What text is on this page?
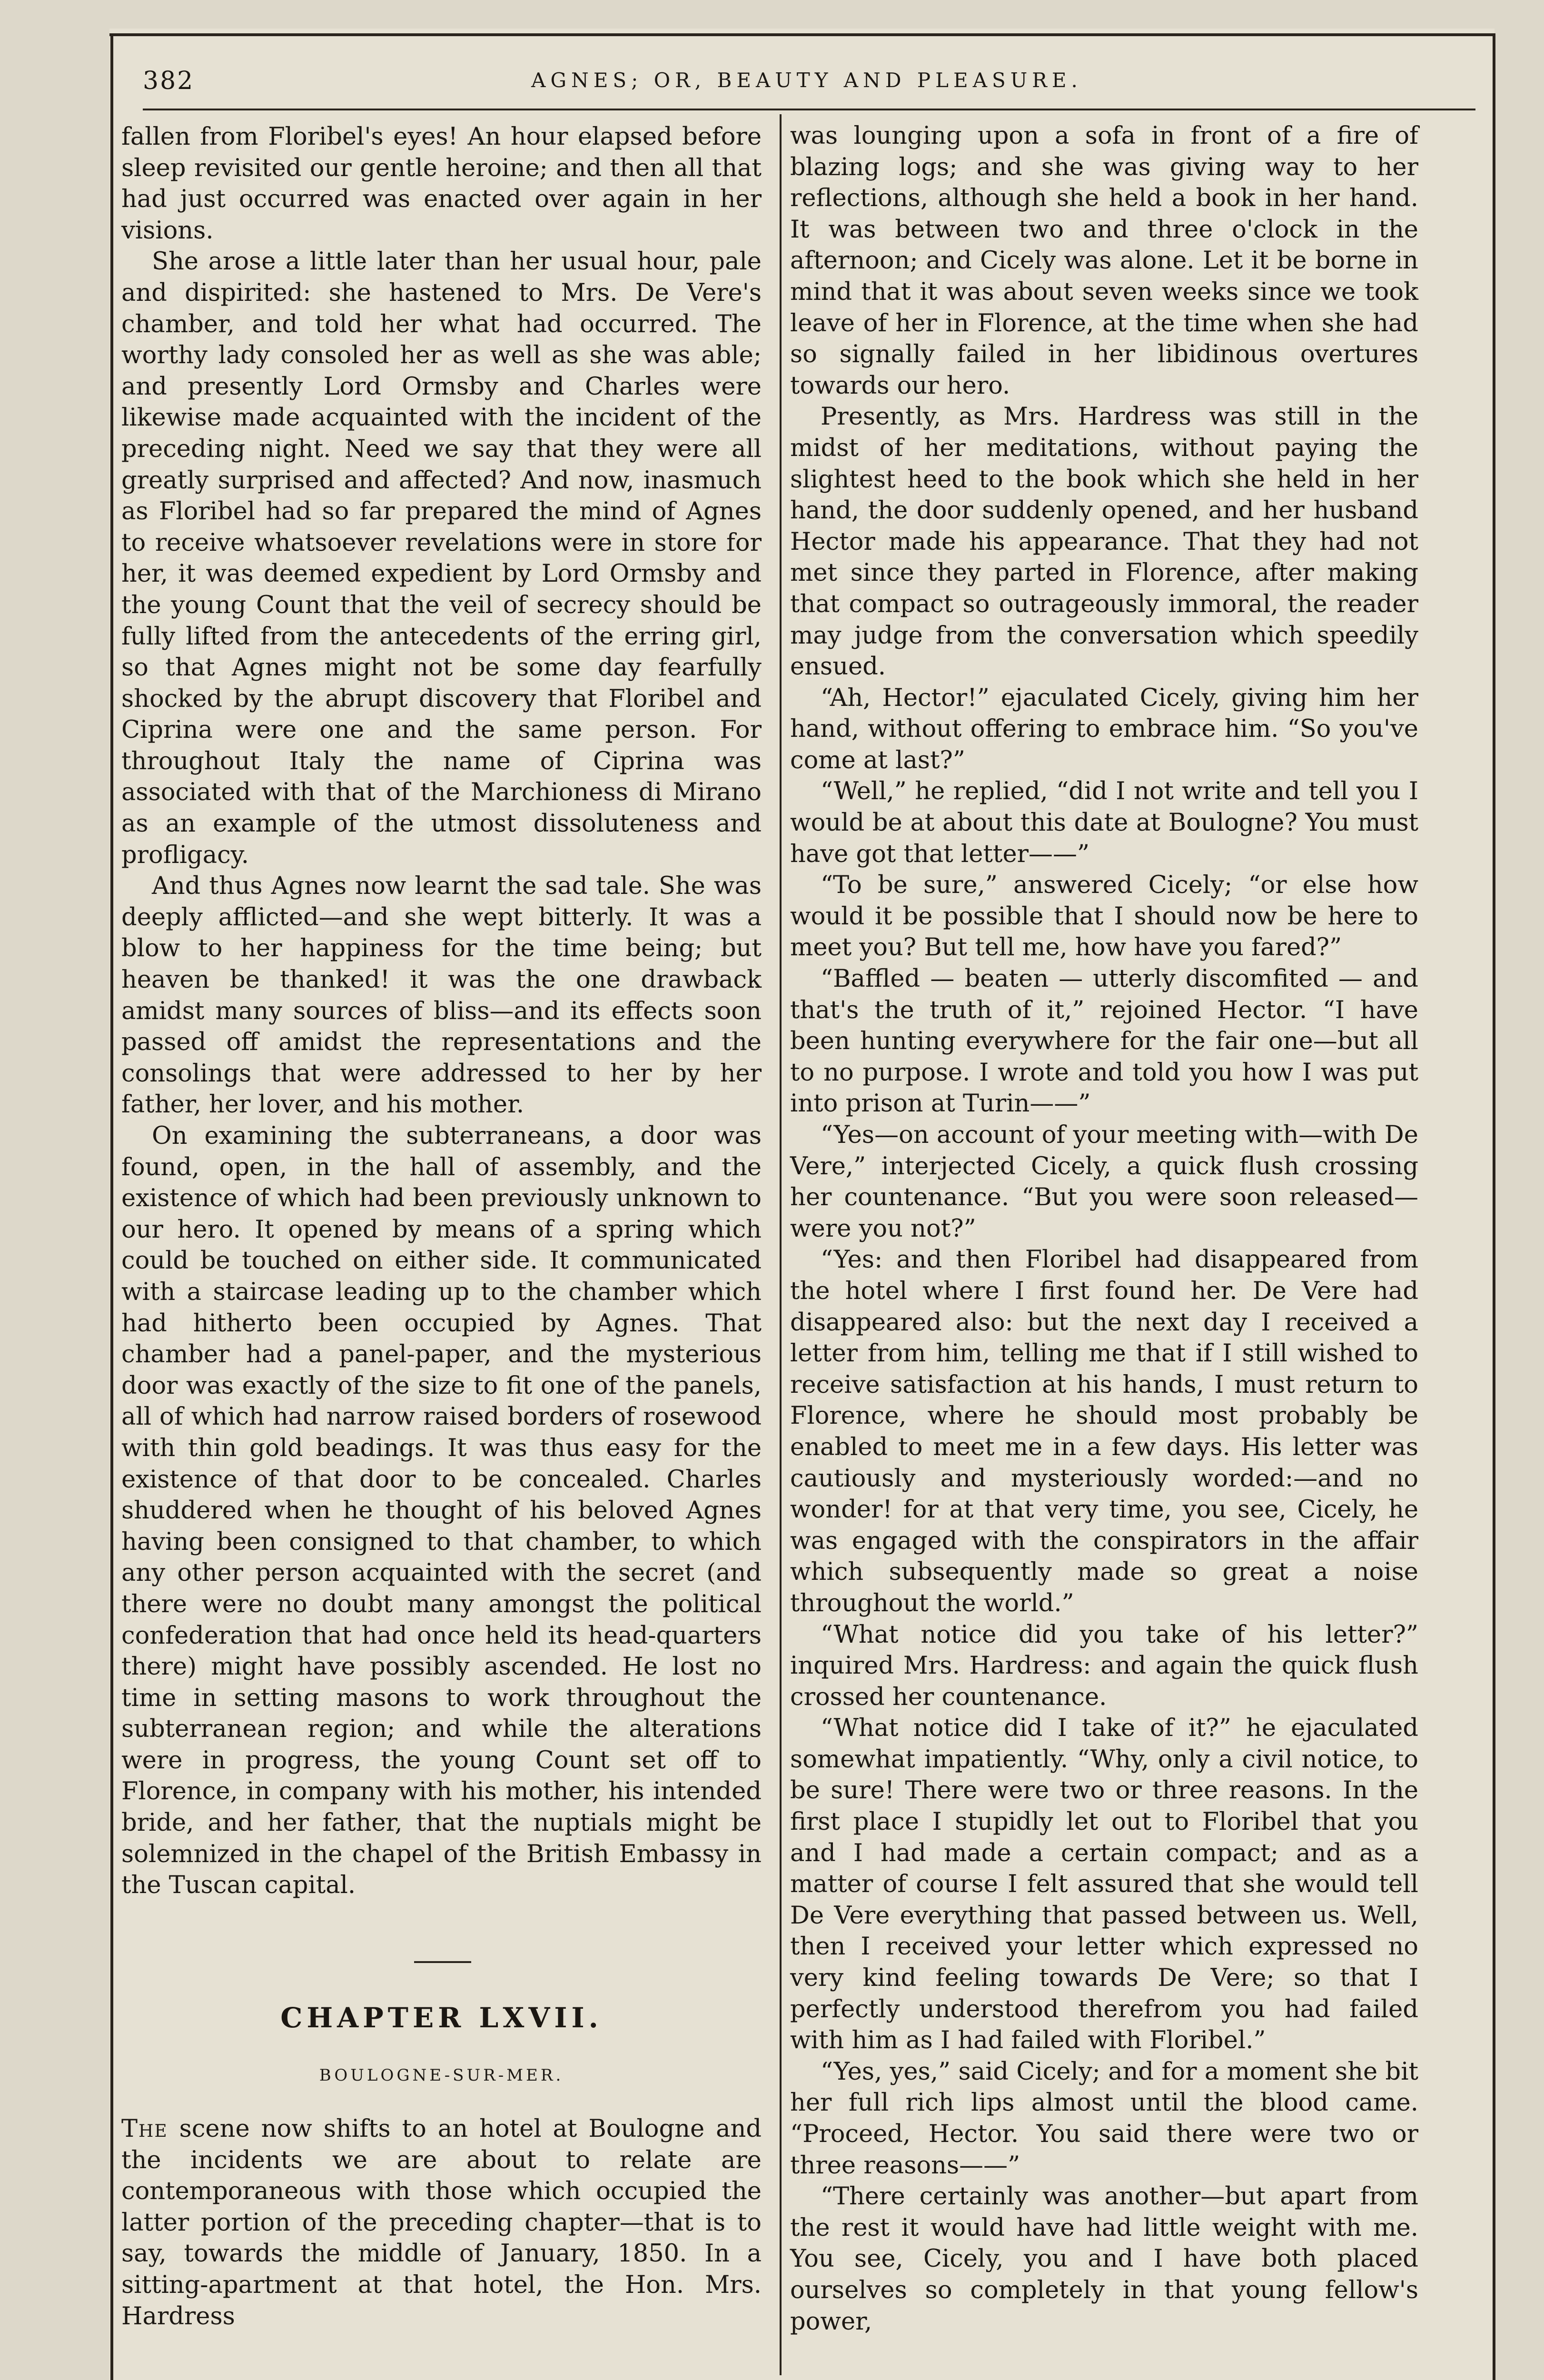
382	AGNES; OR, BEAUTY AND PLEASURE.

fallen from Floribel's eyes! An hour elapsed before sleep revisited our gentle heroine; and then all that had just occurred was enacted over again in her visions.

She arose a little later than her usual hour, pale and dispirited: she hastened to Mrs. De Vere's chamber, and told her what had occurred. The worthy lady consoled her as well as she was able; and presently Lord Ormsby and Charles were likewise made acquainted with the incident of the preceding night. Need we say that they were all greatly surprised and affected? And now, inasmuch as Floribel had so far prepared the mind of Agnes to receive whatsoever revelations were in store for her, it was deemed expedient by Lord Ormsby and the young Count that the veil of secrecy should be fully lifted from the antecedents of the erring girl, so that Agnes might not be some day fearfully shocked by the abrupt discovery that Floribel and Ciprina were one and the same person. For throughout Italy the name of Ciprina was associated with that of the Marchioness di Mirano as an example of the utmost dissoluteness and profligacy.

And thus Agnes now learnt the sad tale. She was deeply afflicted—and she wept bitterly. It was a blow to her happiness for the time being; but heaven be thanked! it was the one drawback amidst many sources of bliss—and its effects soon passed off amidst the representations and the consolings that were addressed to her by her father, her lover, and his mother.

On examining the subterraneans, a door was found, open, in the hall of assembly, and the existence of which had been previously unknown to our hero. It opened by means of a spring which could be touched on either side. It communicated with a staircase leading up to the chamber which had hitherto been occupied by Agnes. That chamber had a panel-paper, and the mysterious door was exactly of the size to fit one of the panels, all of which had narrow raised borders of rosewood with thin gold beadings. It was thus easy for the existence of that door to be concealed. Charles shuddered when he thought of his beloved Agnes having been consigned to that chamber, to which any other person acquainted with the secret (and there were no doubt many amongst the political confederation that had once held its head-quarters there) might have possibly ascended. He lost no time in setting masons to work throughout the subterranean region; and while the alterations were in progress, the young Count set off to Florence, in company with his mother, his intended bride, and her father, that the nuptials might be solemnized in the chapel of the British Embassy in the Tuscan capital.

CHAPTER LXVII.
BOULOGNE-SUR-MER.

The scene now shifts to an hotel at Boulogne and the incidents we are about to relate are contemporaneous with those which occupied the latter portion of the preceding chapter—that is to say, towards the middle of January, 1850. In a sitting-apartment at that hotel, the Hon. Mrs. Hardress

was lounging upon a sofa in front of a fire of blazing logs; and she was giving way to her reflections, although she held a book in her hand. It was between two and three o'clock in the afternoon; and Cicely was alone. Let it be borne in mind that it was about seven weeks since we took leave of her in Florence, at the time when she had so signally failed in her libidinous overtures towards our hero.

Presently, as Mrs. Hardress was still in the midst of her meditations, without paying the slightest heed to the book which she held in her hand, the door suddenly opened, and her husband Hector made his appearance. That they had not met since they parted in Florence, after making that compact so outrageously immoral, the reader may judge from the conversation which speedily ensued.

“Ah, Hector!” ejaculated Cicely, giving him her hand, without offering to embrace him. “So you've come at last?”

“Well,” he replied, “did I not write and tell you I would be at about this date at Boulogne? You must have got that letter——”

“To be sure,” answered Cicely; “or else how would it be possible that I should now be here to meet you? But tell me, how have you fared?”

“Baffled — beaten — utterly discomfited — and that's the truth of it,” rejoined Hector. “I have been hunting everywhere for the fair one—but all to no purpose. I wrote and told you how I was put into prison at Turin——”

“Yes—on account of your meeting with—with De Vere,” interjected Cicely, a quick flush crossing her countenance. “But you were soon released—were you not?”

“Yes: and then Floribel had disappeared from the hotel where I first found her. De Vere had disappeared also: but the next day I received a letter from him, telling me that if I still wished to receive satisfaction at his hands, I must return to Florence, where he should most probably be enabled to meet me in a few days. His letter was cautiously and mysteriously worded:—and no wonder! for at that very time, you see, Cicely, he was engaged with the conspirators in the affair which subsequently made so great a noise throughout the world.”

“What notice did you take of his letter?” inquired Mrs. Hardress: and again the quick flush crossed her countenance.

“What notice did I take of it?” he ejaculated somewhat impatiently. “Why, only a civil notice, to be sure! There were two or three reasons. In the first place I stupidly let out to Floribel that you and I had made a certain compact; and as a matter of course I felt assured that she would tell De Vere everything that passed between us. Well, then I received your letter which expressed no very kind feeling towards De Vere; so that I perfectly understood therefrom you had failed with him as I had failed with Floribel.”

“Yes, yes,” said Cicely; and for a moment she bit her full rich lips almost until the blood came. “Proceed, Hector. You said there were two or three reasons——”

“There certainly was another—but apart from the rest it would have had little weight with me. You see, Cicely, you and I have both placed ourselves so completely in that young fellow's power,
